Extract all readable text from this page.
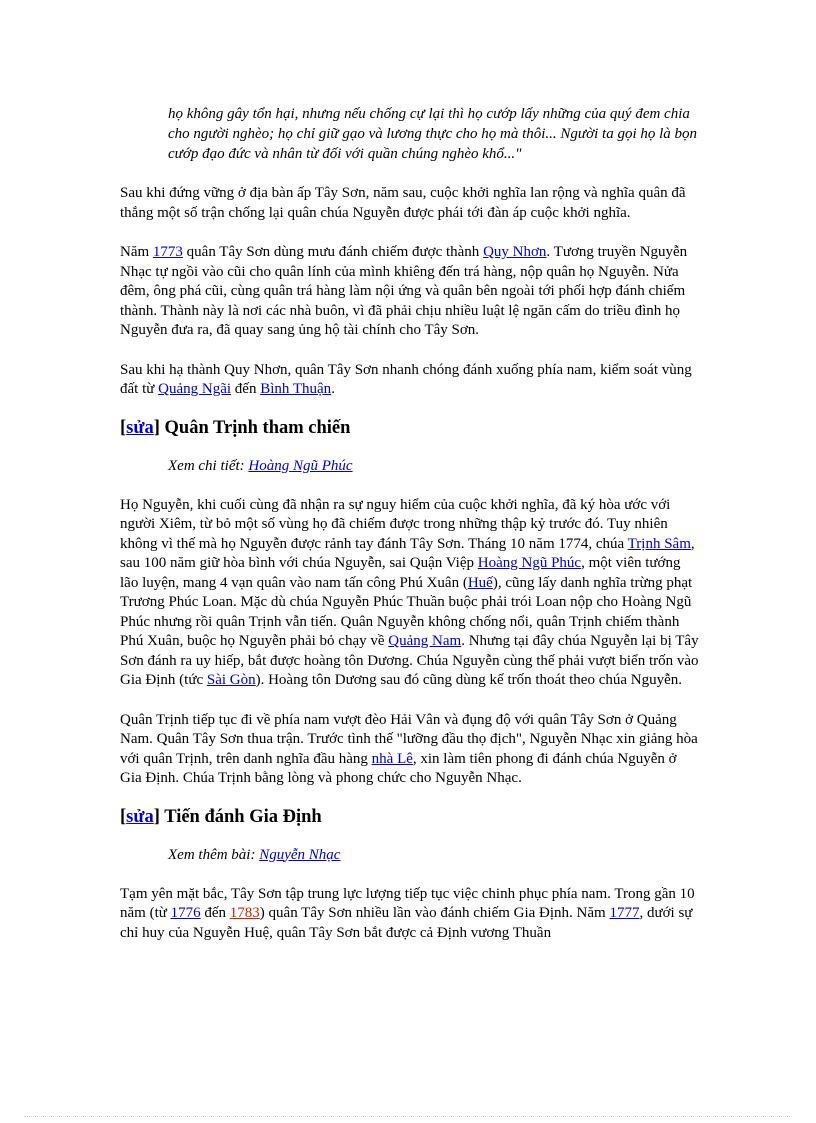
họ không gây tổn hại, nhưng nếu chống cự lại thì họ cướp lấy những của quý đem chia cho người nghèo; họ chỉ giữ gạo và lương thực cho họ mà thôi... Người ta gọi họ là bọn cướp đạo đức và nhân từ đối với quần chúng nghèo khổ..."

Sau khi đứng vững ở địa bàn ấp Tây Sơn, năm sau, cuộc khởi nghĩa lan rộng và nghĩa quân đã thắng một số trận chống lại quân chúa Nguyễn được phái tới đàn áp cuộc khởi nghĩa.

Năm 1773 quân Tây Sơn dùng mưu đánh chiếm được thành Quy Nhơn. Tương truyền Nguyễn Nhạc tự ngồi vào cũi cho quân lính của mình khiêng đến trá hàng, nộp quân họ Nguyễn. Nửa đêm, ông phá cũi, cùng quân trá hàng làm nội ứng và quân bên ngoài tới phối hợp đánh chiếm thành. Thành này là nơi các nhà buôn, vì đã phải chịu nhiều luật lệ ngăn cấm do triều đình họ Nguyễn đưa ra, đã quay sang ủng hộ tài chính cho Tây Sơn.

Sau khi hạ thành Quy Nhơn, quân Tây Sơn nhanh chóng đánh xuống phía nam, kiểm soát vùng đất từ Quảng Ngãi đến Bình Thuận.

[sửa] Quân Trịnh tham chiến

Xem chi tiết: Hoàng Ngũ Phúc

Họ Nguyễn, khi cuối cùng đã nhận ra sự nguy hiểm của cuộc khởi nghĩa, đã ký hòa ước với người Xiêm, từ bỏ một số vùng họ đã chiếm được trong những thập kỷ trước đó. Tuy nhiên không vì thế mà họ Nguyễn được rảnh tay đánh Tây Sơn. Tháng 10 năm 1774, chúa Trịnh Sâm, sau 100 năm giữ hòa bình với chúa Nguyễn, sai Quận Việp Hoàng Ngũ Phúc, một viên tướng lão luyện, mang 4 vạn quân vào nam tấn công Phú Xuân (Huế), cũng lấy danh nghĩa trừng phạt Trương Phúc Loan. Mặc dù chúa Nguyễn Phúc Thuần buộc phải trói Loan nộp cho Hoàng Ngũ Phúc nhưng rồi quân Trịnh vẫn tiến. Quân Nguyễn không chống nổi, quân Trịnh chiếm thành Phú Xuân, buộc họ Nguyễn phải bỏ chạy về Quảng Nam. Nhưng tại đây chúa Nguyễn lại bị Tây Sơn đánh ra uy hiếp, bắt được hoàng tôn Dương. Chúa Nguyễn cùng thế phải vượt biển trốn vào Gia Định (tức Sài Gòn). Hoàng tôn Dương sau đó cũng dùng kế trốn thoát theo chúa Nguyễn.

Quân Trịnh tiếp tục đi về phía nam vượt đèo Hải Vân và đụng độ với quân Tây Sơn ở Quảng Nam. Quân Tây Sơn thua trận. Trước tình thế "lưỡng đầu thọ địch", Nguyễn Nhạc xin giảng hòa với quân Trịnh, trên danh nghĩa đầu hàng nhà Lê, xin làm tiên phong đi đánh chúa Nguyễn ở Gia Định. Chúa Trịnh bằng lòng và phong chức cho Nguyễn Nhạc.

[sửa] Tiến đánh Gia Định

Xem thêm bài: Nguyễn Nhạc

Tạm yên mặt bắc, Tây Sơn tập trung lực lượng tiếp tục việc chinh phục phía nam. Trong gần 10 năm (từ 1776 đến 1783) quân Tây Sơn nhiều lần vào đánh chiếm Gia Định. Năm 1777, dưới sự chỉ huy của Nguyễn Huệ, quân Tây Sơn bắt được cả Định vương Thuần
